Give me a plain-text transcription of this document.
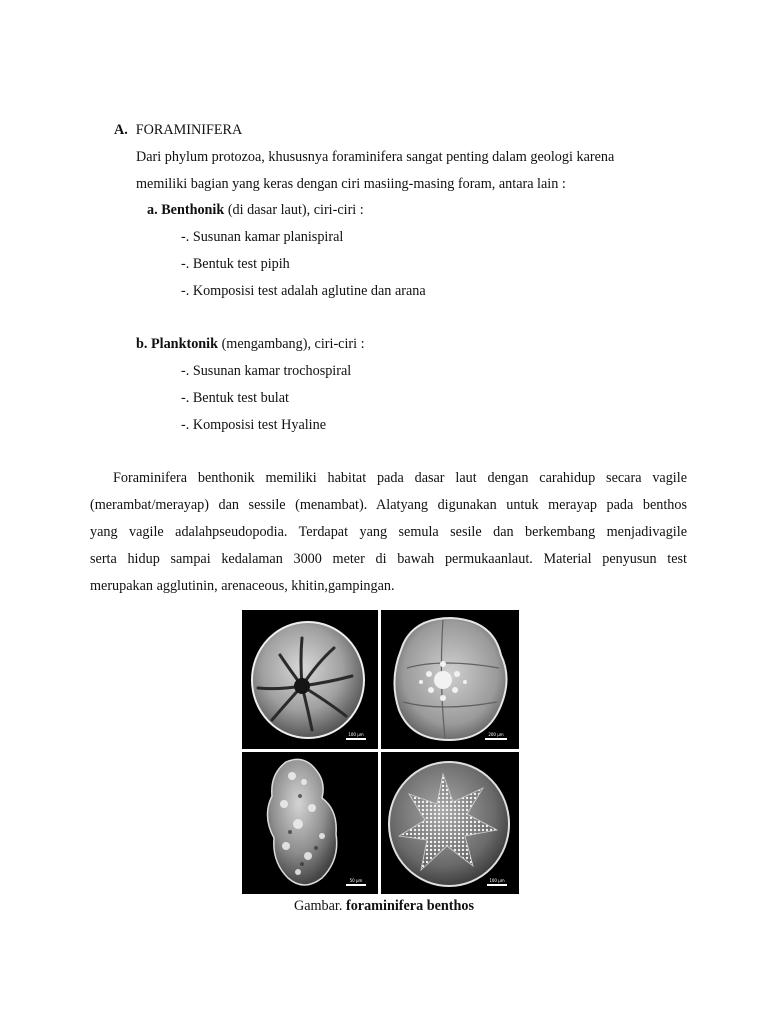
A. FORAMINIFERA
Dari phylum protozoa, khususnya foraminifera sangat penting dalam geologi karena
memiliki bagian yang keras dengan ciri masiing-masing foram, antara lain :
a. Benthonik (di dasar laut), ciri-ciri :
-. Susunan kamar planispiral
-. Bentuk test pipih
-. Komposisi test adalah aglutine dan arana
b. Planktonik (mengambang), ciri-ciri :
-. Susunan kamar trochospiral
-. Bentuk test bulat
-. Komposisi test Hyaline
Foraminifera benthonik memiliki habitat pada dasar laut dengan carahidup secara vagile
(merambat/merayap) dan sessile (menambat). Alatyang digunakan untuk merayap pada benthos
yang vagile adalahpseudopodia. Terdapat yang semula sesile dan berkembang menjadivagile
serta hidup sampai kedalaman 3000 meter di bawah permukaanlaut. Material penyusun test
merupakan agglutinin, arenaceous, khitin,gampingan.
100 µm	200 µm
50 µm	100 µm
Gambar. foraminifera benthos
